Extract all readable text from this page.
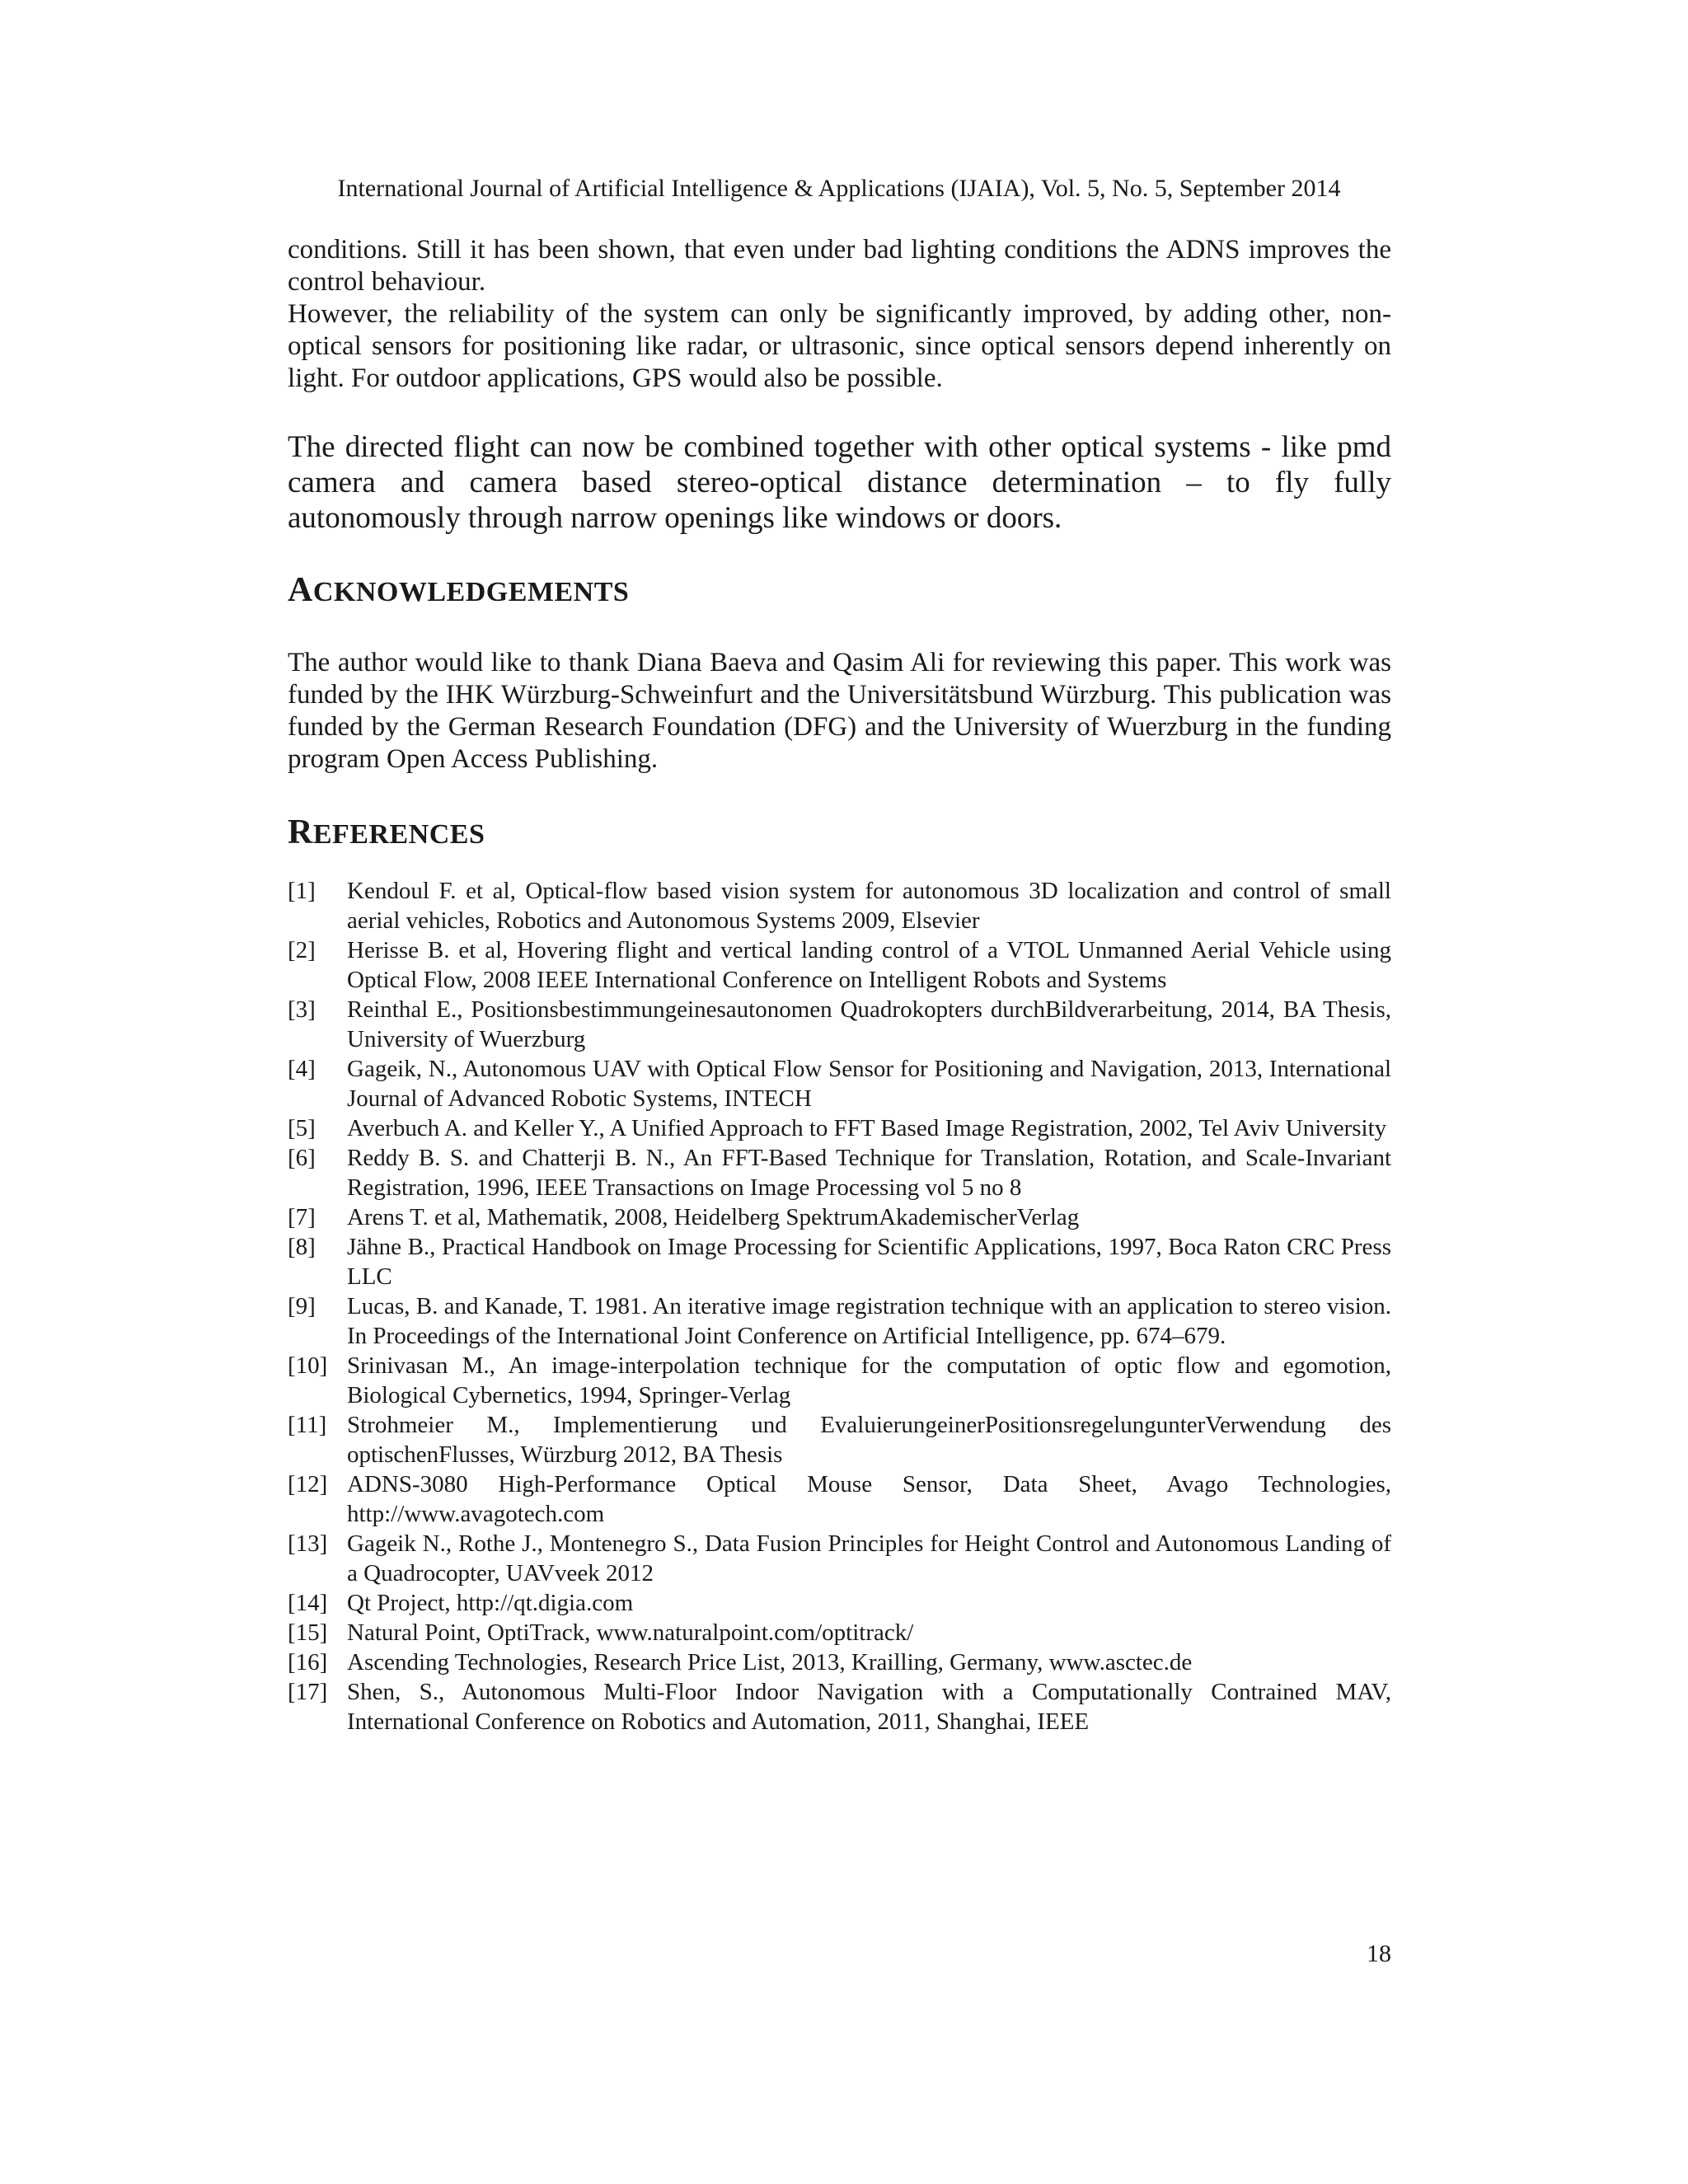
International Journal of Artificial Intelligence & Applications (IJAIA), Vol. 5, No. 5, September 2014

conditions. Still it has been shown, that even under bad lighting conditions the ADNS improves the control behaviour.

However, the reliability of the system can only be significantly improved, by adding other, non-optical sensors for positioning like radar, or ultrasonic, since optical sensors depend inherently on light. For outdoor applications, GPS would also be possible.

The directed flight can now be combined together with other optical systems - like pmd camera and camera based stereo-optical distance determination – to fly fully autonomously through narrow openings like windows or doors.

ACKNOWLEDGEMENTS

The author would like to thank Diana Baeva and Qasim Ali for reviewing this paper. This work was funded by the IHK Würzburg-Schweinfurt and the Universitätsbund Würzburg. This publication was funded by the German Research Foundation (DFG) and the University of Wuerzburg in the funding program Open Access Publishing.

REFERENCES

[1]	Kendoul F. et al, Optical-flow based vision system for autonomous 3D localization and control of small aerial vehicles, Robotics and Autonomous Systems 2009, Elsevier
[2]	Herisse B. et al, Hovering flight and vertical landing control of a VTOL Unmanned Aerial Vehicle using Optical Flow, 2008 IEEE International Conference on Intelligent Robots and Systems
[3]	Reinthal E., Positionsbestimmungeinesautonomen Quadrokopters durchBildverarbeitung, 2014, BA Thesis, University of Wuerzburg
[4]	Gageik, N., Autonomous UAV with Optical Flow Sensor for Positioning and Navigation, 2013, International Journal of Advanced Robotic Systems, INTECH
[5]	Averbuch A. and Keller Y., A Unified Approach to FFT Based Image Registration, 2002, Tel Aviv University
[6]	Reddy B. S. and Chatterji B. N., An FFT-Based Technique for Translation, Rotation, and Scale-Invariant Registration, 1996, IEEE Transactions on Image Processing vol 5 no 8
[7]	Arens T. et al, Mathematik, 2008, Heidelberg SpektrumAkademischerVerlag
[8]	Jähne B., Practical Handbook on Image Processing for Scientific Applications, 1997, Boca Raton CRC Press LLC
[9]	Lucas, B. and Kanade, T. 1981. An iterative image registration technique with an application to stereo vision. In Proceedings of the International Joint Conference on Artificial Intelligence, pp. 674–679.
[10] Srinivasan M., An image-interpolation technique for the computation of optic flow and egomotion, Biological Cybernetics, 1994, Springer-Verlag
[11] Strohmeier M., Implementierung und EvaluierungeinerPositionsregelungunterVerwendung des optischenFlusses, Würzburg 2012, BA Thesis
[12] ADNS-3080 High-Performance Optical Mouse Sensor, Data Sheet, Avago Technologies, http://www.avagotech.com
[13] Gageik N., Rothe J., Montenegro S., Data Fusion Principles for Height Control and Autonomous Landing of a Quadrocopter, UAVveek 2012
[14] Qt Project, http://qt.digia.com
[15] Natural Point, OptiTrack, www.naturalpoint.com/optitrack/
[16] Ascending Technologies, Research Price List, 2013, Krailling, Germany, www.asctec.de
[17] Shen, S., Autonomous Multi-Floor Indoor Navigation with a Computationally Contrained MAV, International Conference on Robotics and Automation, 2011, Shanghai, IEEE
18
